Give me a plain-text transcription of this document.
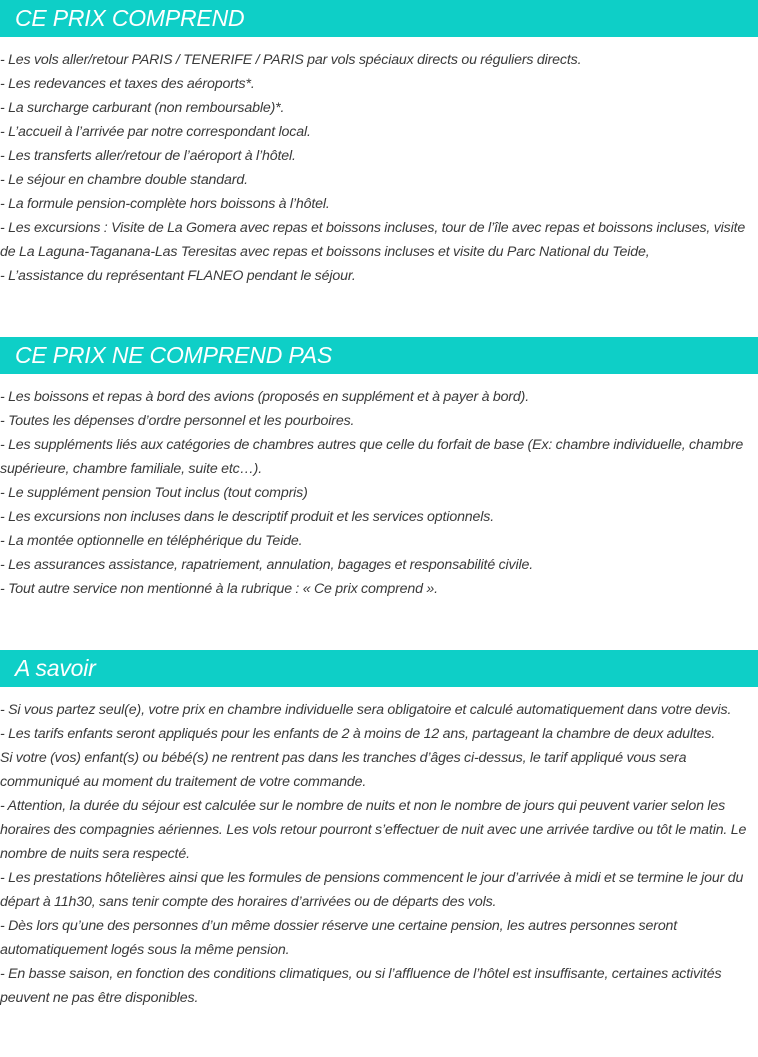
CE PRIX COMPREND

- Les vols aller/retour PARIS / TENERIFE / PARIS par vols spéciaux directs ou réguliers directs.

- Les redevances et taxes des aéroports*.

- La surcharge carburant (non remboursable)*.

- L’accueil à l’arrivée par notre correspondant local.

- Les transferts aller/retour de l’aéroport à l’hôtel.

- Le séjour en chambre double standard.

- La formule pension-complète hors boissons à l’hôtel.

- Les excursions : Visite de La Gomera avec repas et boissons incluses, tour de l’île avec repas et boissons incluses, visite de La Laguna-Taganana-Las Teresitas avec repas et boissons incluses et visite du Parc National du Teide,

- L’assistance du représentant FLANEO pendant le séjour.

CE PRIX NE COMPREND PAS

- Les boissons et repas à bord des avions (proposés en supplément et à payer à bord).

- Toutes les dépenses d’ordre personnel et les pourboires.

- Les suppléments liés aux catégories de chambres autres que celle du forfait de base (Ex: chambre individuelle, chambre supérieure, chambre familiale, suite etc…).

- Le supplément pension Tout inclus (tout compris)

- Les excursions non incluses dans le descriptif produit et les services optionnels.

- La montée optionnelle en téléphérique du Teide.

- Les assurances assistance, rapatriement, annulation, bagages et responsabilité civile.

- Tout autre service non mentionné à la rubrique : « Ce prix comprend ».

A savoir

- Si vous partez seul(e), votre prix en chambre individuelle sera obligatoire et calculé automatiquement dans votre devis.

- Les tarifs enfants seront appliqués pour les enfants de 2 à moins de 12 ans, partageant la chambre de deux adultes.

Si votre (vos) enfant(s) ou bébé(s) ne rentrent pas dans les tranches d’âges ci-dessus, le tarif appliqué vous sera communiqué au moment du traitement de votre commande.

- Attention, la durée du séjour est calculée sur le nombre de nuits et non le nombre de jours qui peuvent varier selon les horaires des compagnies aériennes. Les vols retour pourront s’effectuer de nuit avec une arrivée tardive ou tôt le matin. Le nombre de nuits sera respecté.

- Les prestations hôtelières ainsi que les formules de pensions commencent le jour d’arrivée à midi et se termine le jour du départ à 11h30, sans tenir compte des horaires d’arrivées ou de départs des vols.

- Dès lors qu’une des personnes d’un même dossier réserve une certaine pension, les autres personnes seront automatiquement logés sous la même pension.

- En basse saison, en fonction des conditions climatiques, ou si l’affluence de l’hôtel est insuffisante, certaines activités peuvent ne pas être disponibles.
